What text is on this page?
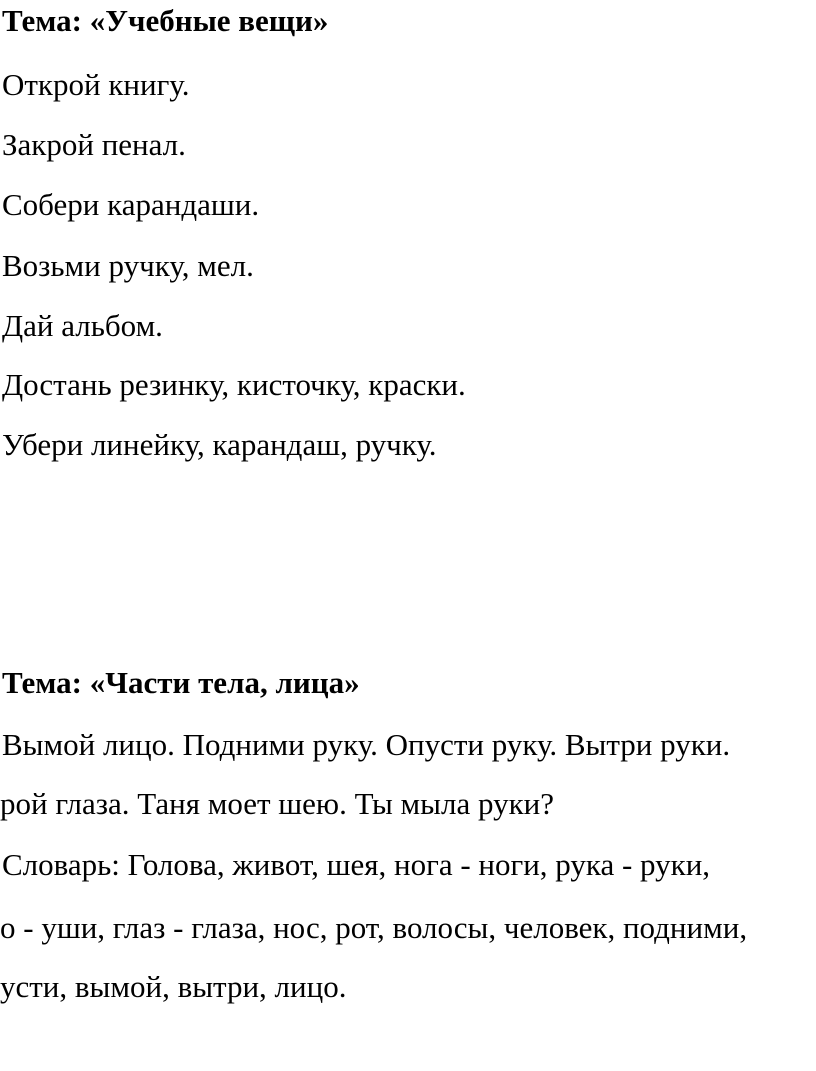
Тема: «Учебные вещи»

Открой книгу.

Закрой пенал.

Собери карандаши.

Возьми ручку, мел.

Дай альбом.

Достань резинку, кисточку, краски.

Убери линейку, карандаш, ручку.

Тема: «Части тела, лица»

Вымой лицо. Подними руку. Опусти руку. Вытри руки.

рой глаза. Таня моет шею. Ты мыла руки?

Словарь: Голова, живот, шея, нога - ноги, рука - руки,

о - уши, глаз - глаза, нос, рот, волосы, человек, подними,

усти, вымой, вытри, лицо.
